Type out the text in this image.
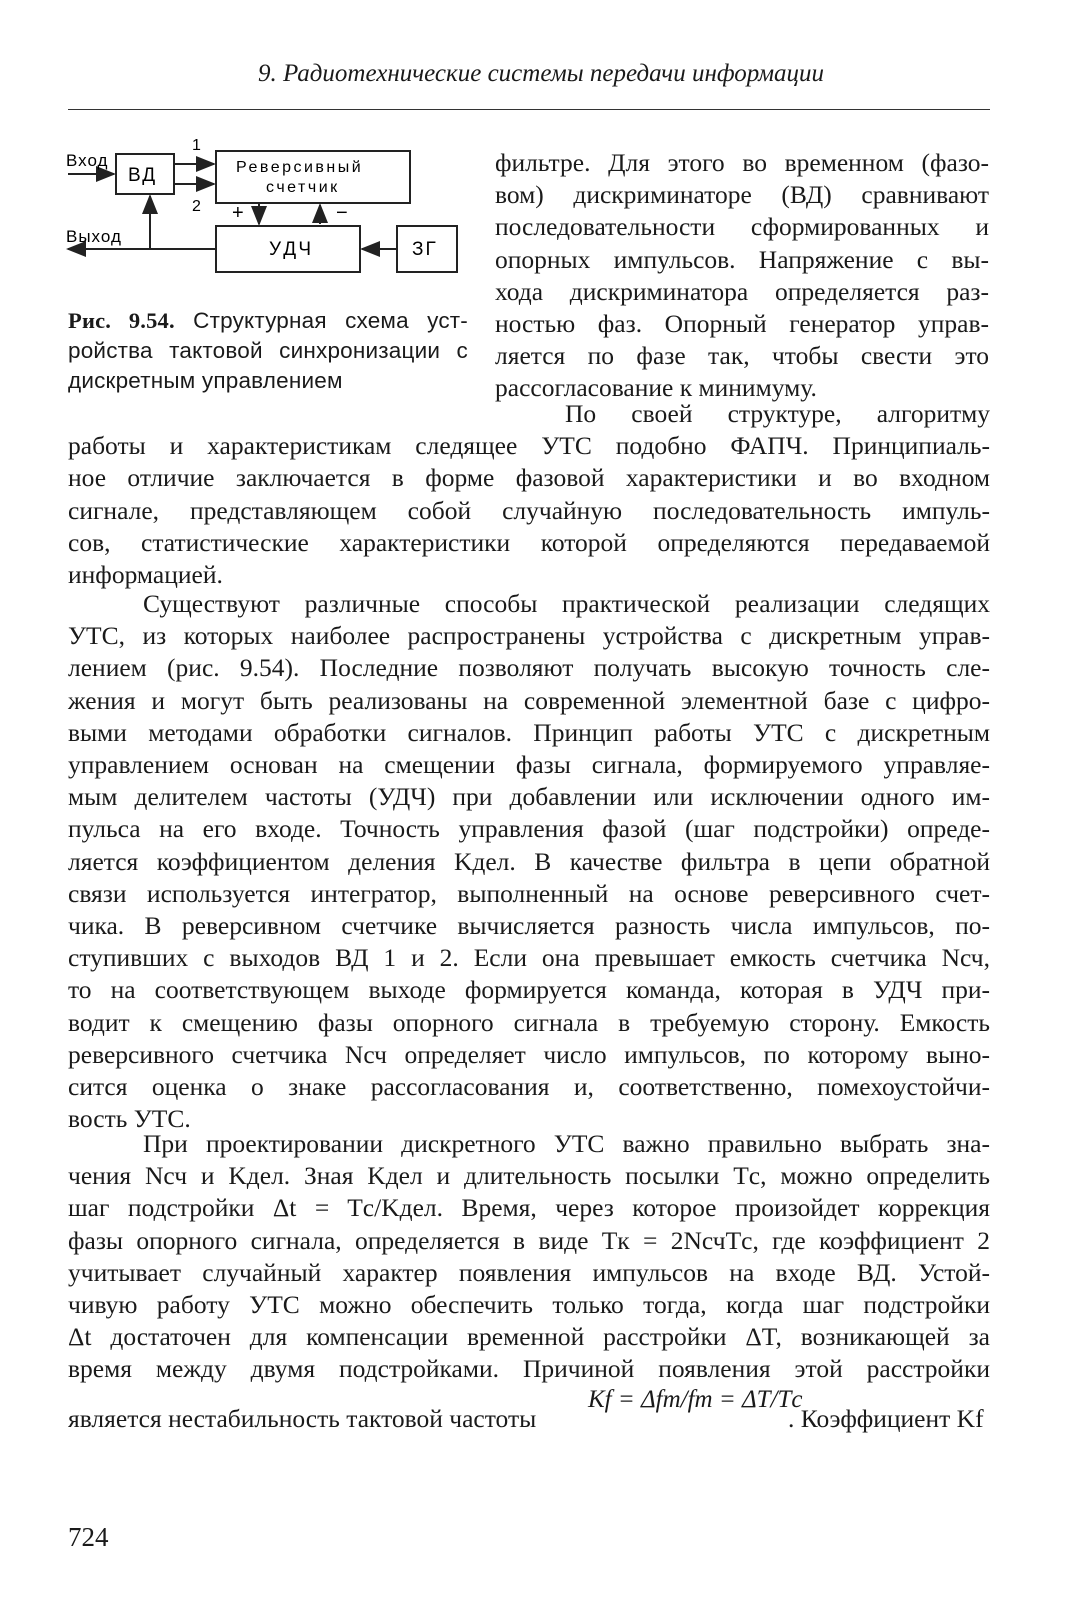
9. Радиотехнические системы передачи информации
Вход
Выход
ВД	Реверсивный
счетчик
УДЧ	ЗГ
1
2 +	−
Рис. 9.54. Структурная схема уст-
ройства тактовой синхронизации с
дискретным управлением
фильтре. Для этого во временном (фазо-
вом) дискриминаторе (ВД) сравнивают
последовательности сформированных и
опорных импульсов. Напряжение с вы-
хода дискриминатора определяется раз-
ностью фаз. Опорный генератор управ-
ляется по фазе так, чтобы свести это
рассогласование к минимуму.
По своей структуре, алгоритму
работы и характеристикам следящее УТС подобно ФАПЧ. Принципиаль-
ное отличие заключается в форме фазовой характеристики и во входном
сигнале, представляющем собой случайную последовательность импуль-
сов, статистические характеристики которой определяются передаваемой
информацией.
Существуют различные способы практической реализации следящих
УТС, из которых наиболее распространены устройства с дискретным управ-
лением (рис. 9.54). Последние позволяют получать высокую точность сле-
жения и могут быть реализованы на современной элементной базе с цифро-
выми методами обработки сигналов. Принцип работы УТС с дискретным
управлением основан на смещении фазы сигнала, формируемого управляе-
мым делителем частоты (УДЧ) при добавлении или исключении одного им-
пульса на его входе. Точность управления фазой (шаг подстройки) опреде-
ляется коэффициентом деления Kдел. В качестве фильтра в цепи обратной
связи используется интегратор, выполненный на основе реверсивного счет-
чика. В реверсивном счетчике вычисляется разность числа импульсов, по-
ступивших с выходов ВД 1 и 2. Если она превышает емкость счетчика Nсч,
то на соответствующем выходе формируется команда, которая в УДЧ при-
водит к смещению фазы опорного сигнала в требуемую сторону. Емкость
реверсивного счетчика Nсч определяет число импульсов, по которому выно-
сится оценка о знаке рассогласования и, соответственно, помехоустойчи-
вость УТС.
При проектировании дискретного УТС важно правильно выбрать зна-
чения Nсч и Kдел. Зная Kдел и длительность посылки Tс, можно определить
шаг подстройки Δt = Tс/Kдел. Время, через которое произойдет коррекция
фазы опорного сигнала, определяется в виде Tк = 2NсчTс, где коэффициент 2
учитывает случайный характер появления импульсов на входе ВД. Устой-
чивую работу УТС можно обеспечить только тогда, когда шаг подстройки
Δt достаточен для компенсации временной расстройки ΔT, возникающей за
время между двумя подстройками. Причиной появления этой расстройки
является нестабильность тактовой частоты
Kf = Δfт/fт = ΔT/Tс
. Коэффициент Kf
724
